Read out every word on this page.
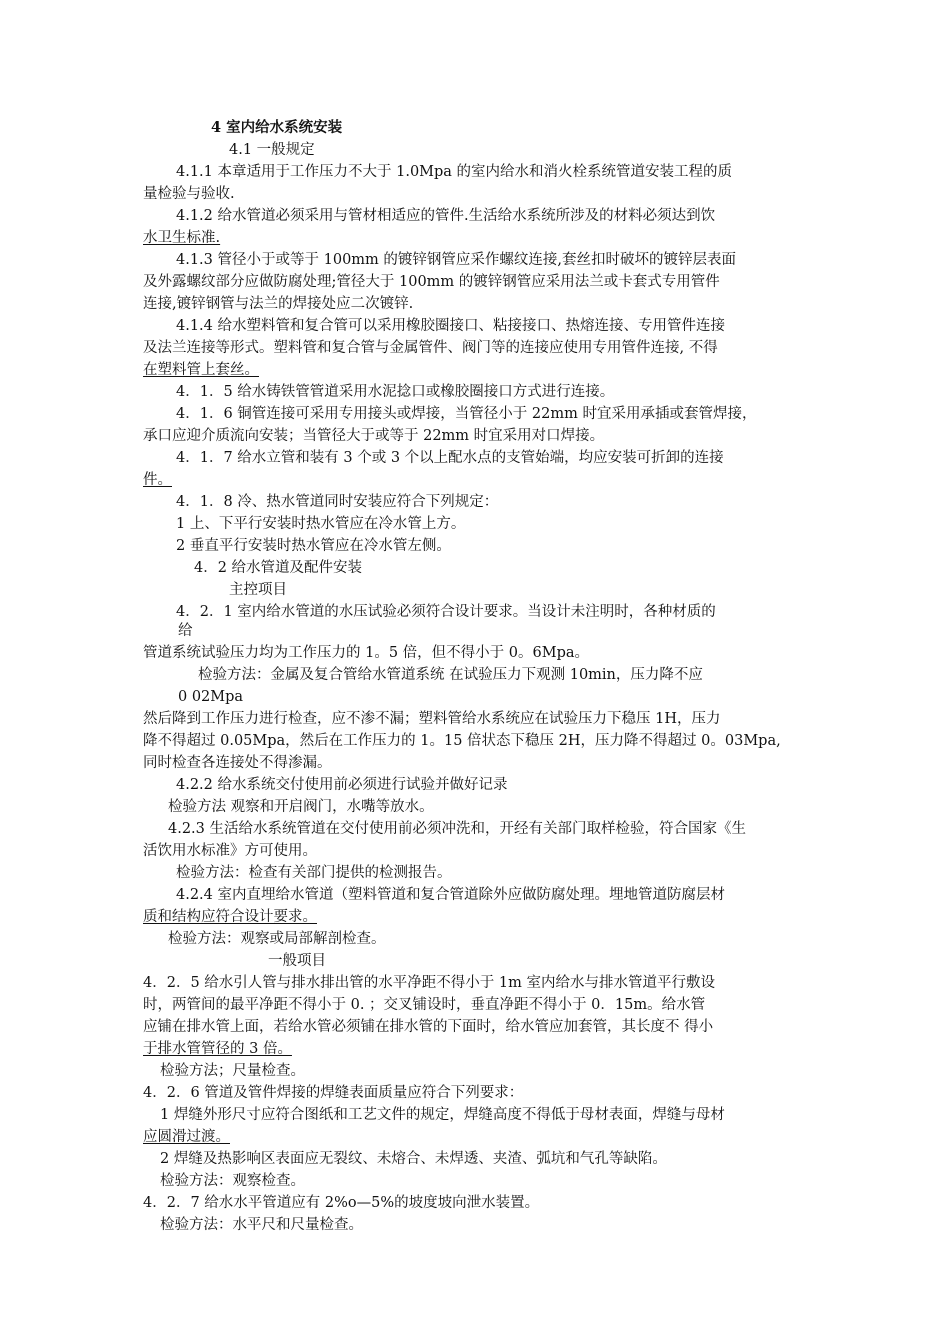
4 室内给水系统安装
4.1 一般规定
4.1.1 本章适用于工作压力不大于 1.0Mpa 的室内给水和消火栓系统管道安装工程的质
量检验与验收.
4.1.2 给水管道必须采用与管材相适应的管件.生活给水系统所涉及的材料必须达到饮
水卫生标准.
4.1.3 管径小于或等于 100mm 的镀锌钢管应采作螺纹连接,套丝扣时破坏的镀锌层表面
及外露螺纹部分应做防腐处理;管径大于 100mm 的镀锌钢管应采用法兰或卡套式专用管件
连接,镀锌钢管与法兰的焊接处应二次镀锌.
4.1.4 给水塑料管和复合管可以采用橡胶圈接口、粘接接口、热熔连接、专用管件连接
及法兰连接等形式。塑料管和复合管与金属管件、阀门等的连接应使用专用管件连接, 不得
在塑料管上套丝。
4．1．5 给水铸铁管管道采用水泥捻口或橡胶圈接口方式进行连接。
4．1．6 铜管连接可采用专用接头或焊接，当管径小于 22mm 时宜采用承插或套管焊接，
承口应迎介质流向安装；当管径大于或等于 22mm 时宜采用对口焊接。
4．1．7 给水立管和装有 3 个或 3 个以上配水点的支管始端，均应安装可折卸的连接
件。
4．1．8 冷、热水管道同时安装应符合下列规定：
1 上、下平行安装时热水管应在冷水管上方。
2 垂直平行安装时热水管应在冷水管左侧。
4．2 给水管道及配件安装
主控项目
4．2．1 室内给水管道的水压试验必须符合设计要求。当设计未注明时，各种材质的
给
管道系统试验压力均为工作压力的 1。5 倍，但不得小于 0。6Mpa。
检验方法：金属及复合管给水管道系统 在试验压力下观测 10min，压力降不应
0 02Mpa
然后降到工作压力进行检查，应不渗不漏；塑料管给水系统应在试验压力下稳压 1H，压力
降不得超过 0.05Mpa，然后在工作压力的 1。15 倍状态下稳压 2H，压力降不得超过 0。03Mpa,
同时检查各连接处不得渗漏。
4.2.2 给水系统交付使用前必须进行试验并做好记录
检验方法 观察和开启阀门，水嘴等放水。
4.2.3 生活给水系统管道在交付使用前必须冲洗和，开经有关部门取样检验，符合国家《生
活饮用水标准》方可使用。
检验方法：检查有关部门提供的检测报告。
4.2.4 室内直埋给水管道（塑料管道和复合管道除外应做防腐处理。埋地管道防腐层材
质和结构应符合设计要求。
检验方法：观察或局部解剖检查。
一般项目
4．2．5 给水引人管与排水排出管的水平净距不得小于 1m 室内给水与排水管道平行敷设
时，两管间的最平净距不得小于 0. ；交叉铺设时，垂直净距不得小于 0．15m。给水管
应铺在排水管上面，若给水管必须铺在排水管的下面时，给水管应加套管，其长度不 得小
于排水管管径的 3 倍。
检验方法；尺量检查。
4．2．6 管道及管件焊接的焊缝表面质量应符合下列要求：
1 焊缝外形尺寸应符合图纸和工艺文件的规定，焊缝高度不得低于母材表面，焊缝与母材
应圆滑过渡。
2 焊缝及热影响区表面应无裂纹、未熔合、未焊透、夹渣、弧坑和气孔等缺陷。
检验方法：观察检查。
4．2．7 给水水平管道应有 2%o—5%的坡度坡向泄水装置。
检验方法：水平尺和尺量检查。
